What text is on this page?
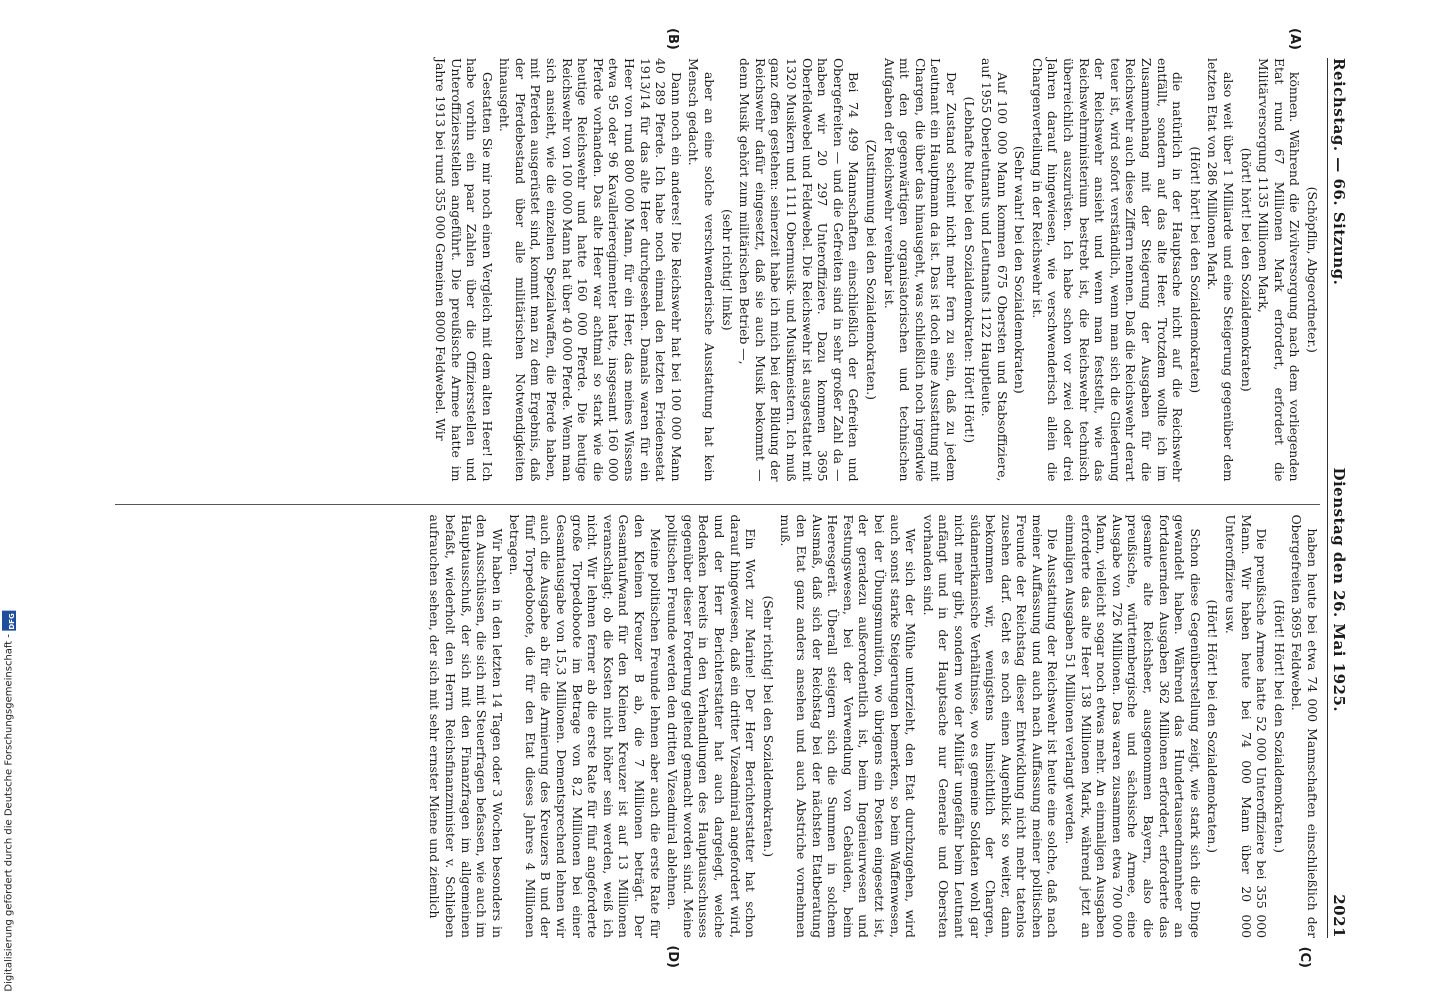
Digitalisierung gefördert durch die Deutsche Forschungsgemeinschaft -
DFG
Reichstag. — 66. Sitzung.
Dienstag den 26. Mai 1925.
2021
(A)
(B)

(Schöpflin, Abgeordneter.)

können. Während die Zivilversorgung nach dem vorliegenden Etat rund 67 Millionen Mark erfordert, erfordert die Militärversorgung 1135 Millionen Mark,

(hört! hört! bei den Sozialdemokraten)

also weit über 1 Milliarde und eine Steigerung gegenüber dem letzten Etat von 286 Millionen Mark.

(Hört! hört! bei den Sozialdemokraten)

die natürlich in der Hauptsache nicht auf die Reichswehr entfällt, sondern auf das alte Heer. Trotzdem wollte ich im Zusammenhang mit der Steigerung der Ausgaben für die Reichswehr auch diese Ziffern nennen. Daß die Reichswehr derart teuer ist, wird sofort verständlich, wenn man sich die Gliederung der Reichswehr ansieht und wenn man feststellt, wie das Reichswehrministerium bestrebt ist, die Reichswehr technisch überreichlich auszurüsten. Ich habe schon vor zwei oder drei Jahren darauf hingewiesen, wie verschwenderisch allein die Chargenverteilung in der Reichswehr ist.

(Sehr wahr! bei den Sozialdemokraten)

Auf 100 000 Mann kommen 675 Obersten und Stabsoffiziere, auf 1955 Oberleutnants und Leutnants 1122 Hauptleute.

(Lebhafte Rufe bei den Sozialdemokraten: Hört! Hört!)

Der Zustand scheint nicht mehr fern zu sein, daß zu jedem Leutnant ein Hauptmann da ist. Das ist doch eine Ausstattung mit Chargen, die über das hinausgeht, was schließlich noch irgendwie mit den gegenwärtigen organisatorischen und technischen Aufgaben der Reichswehr vereinbar ist.

(Zustimmung bei den Sozialdemokraten.)

Bei 74 499 Mannschaften einschließlich der Gefreiten und Obergefreiten — und die Gefreiten sind in sehr großer Zahl da — haben wir 20 297 Unteroffiziere. Dazu kommen 3695 Oberfeldwebel und Feldwebel. Die Reichswehr ist ausgestattet mit 1320 Musikern und 1111 Obermusik- und Musikmeistern. Ich muß ganz offen gestehen: seinerzeit habe ich mich bei der Bildung der Reichswehr dafür eingesetzt, daß sie auch Musik bekommt — denn Musik gehört zum militärischen Betrieb —,

(sehr richtig! links)

aber an eine solche verschwenderische Ausstattung hat kein Mensch gedacht.

Dann noch ein anderes! Die Reichswehr hat bei 100 000 Mann 40 289 Pferde. Ich habe noch einmal den letzten Friedensetat 1913/14 für das alte Heer durchgesehen. Damals waren für ein Heer von rund 800 000 Mann, für ein Heer, das meines Wissens etwa 95 oder 96 Kavallerieregimenter hatte, insgesamt 160 000 Pferde vorhanden. Das alte Heer war achtmal so stark wie die heutige Reichswehr und hatte 160 000 Pferde. Die heutige Reichswehr von 100 000 Mann hat über 40 000 Pferde. Wenn man sich ansieht, wie die einzelnen Spezialwaffen, die Pferde haben, mit Pferden ausgerüstet sind, kommt man zu dem Ergebnis, daß der Pferdebestand über alle militärischen Notwendigkeiten hinausgeht.

Gestatten Sie mir noch einen Vergleich mit dem alten Heer! Ich habe vorhin ein paar Zahlen über die Offiziersstellen und Unteroffiziersstellen angeführt. Die preußische Armee hatte im Jahre 1913 bei rund 355 000 Gemeinen 8000 Feldwebel. Wir

(C)
(D)

haben heute bei etwa 74 000 Mannschaften einschließlich der Obergefreiten 3695 Feldwebel.

(Hört! Hört! bei den Sozialdemokraten.)

Die preußische Armee hatte 52 000 Unteroffiziere bei 355 000 Mann. Wir haben heute bei 74 000 Mann über 20 000 Unteroffiziere usw.

(Hört! Hört! bei den Sozialdemokraten.)

Schon diese Gegenüberstellung zeigt, wie stark sich die Dinge gewandelt haben. Während das Hundertausendmannheer an fortdauernden Ausgaben 362 Millionen erfordert, erforderte das gesamte alte Reichsheer, ausgenommen Bayern, also die preußische, württembergische und sächsische Armee, eine Ausgabe von 726 Millionen. Das waren zusammen etwa 700 000 Mann, vielleicht sogar noch etwas mehr. An einmaligen Ausgaben erforderte das alte Heer 138 Millionen Mark, während jetzt an einmaligen Ausgaben 51 Millionen verlangt werden.

Die Ausstattung der Reichswehr ist heute eine solche, daß nach meiner Auffassung und auch nach Auffassung meiner politischen Freunde der Reichstag dieser Entwicklung nicht mehr tatenlos zusehen darf. Geht es noch einen Augenblick so weiter, dann bekommen wir, wenigstens hinsichtlich der Chargen, südamerikanische Verhältnisse, wo es gemeine Soldaten wohl gar nicht mehr gibt, sondern wo der Militär ungefähr beim Leutnant anfängt und in der Hauptsache nur Generale und Obersten vorhanden sind.

Wer sich der Mühe unterzieht, den Etat durchzugehen, wird auch sonst starke Steigerungen bemerken, so beim Waffenwesen, bei der Übungsmunition, wo übrigens ein Posten eingesetzt ist, der geradezu außerordentlich ist, beim Ingenieurwesen und Festungswesen, bei der Verwendung von Gebäuden, beim Heeresgerät. Überall steigern sich die Summen in solchem Ausmaß, daß sich der Reichstag bei der nächsten Etatberatung den Etat ganz anders ansehen und auch Abstriche vornehmen muß.

(Sehr richtig! bei den Sozialdemokraten.)

Ein Wort zur Marine! Der Herr Berichterstatter hat schon darauf hingewiesen, daß ein dritter Vizeadmiral angefordert wird, und der Herr Berichterstatter hat auch dargelegt, welche Bedenken bereits in den Verhandlungen des Hauptausschusses gegenüber dieser Forderung geltend gemacht worden sind. Meine politischen Freunde werden den dritten Vizeadmiral ablehnen.

Meine politischen Freunde lehnen aber auch die erste Rate für den Kleinen Kreuzer B ab, die 7 Millionen beträgt. Der Gesamtaufwand für den Kleinen Kreuzer ist auf 13 Millionen veranschlagt; ob die Kosten nicht höher sein werden, weiß ich nicht. Wir lehnen ferner ab die erste Rate für fünf angeforderte große Torpedoboote im Betrage von 8,2 Millionen bei einer Gesamtausgabe von 15,3 Millionen. Dementsprechend lehnen wir auch die Ausgabe ab für die Armierung des Kreuzers B und der fünf Torpedoboote, die für den Etat dieses Jahres 4 Millionen betragen.

Wir haben in den letzten 14 Tagen oder 3 Wochen besonders in den Ausschüssen, die sich mit Steuerfragen befassen, wie auch im Hauptausschuß, der sich mit den Finanzfragen im allgemeinen befaßt, wiederholt den Herrn Reichsfinanzminister v. Schlieben aufrauchen sehen, der sich mit sehr ernster Miene und ziemlich
